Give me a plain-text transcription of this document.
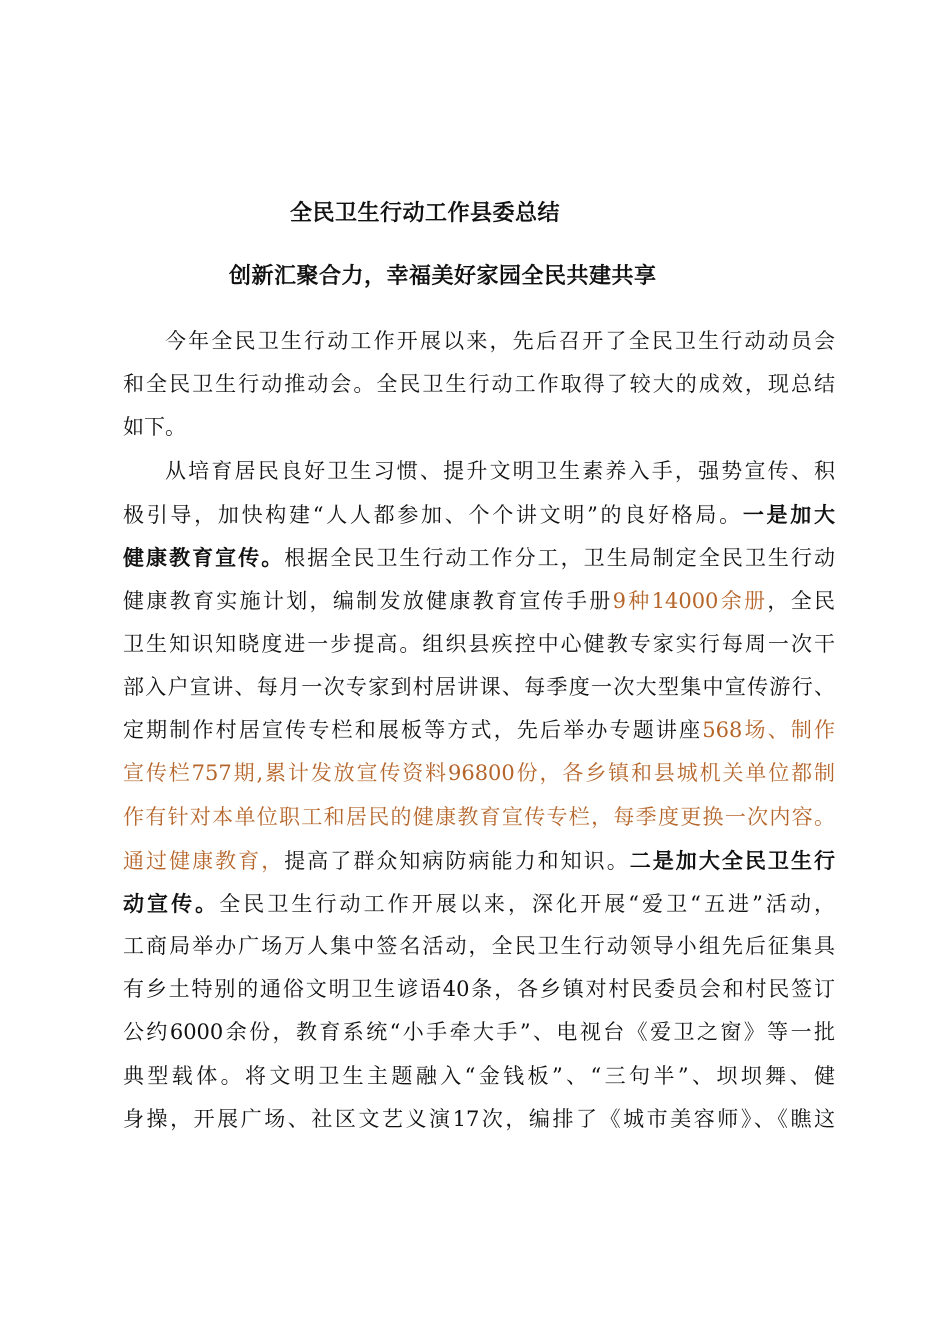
全民卫生行动工作县委总结
创新汇聚合力，幸福美好家园全民共建共享
今年全民卫生行动工作开展以来，先后召开了全民卫生行动动员会
和全民卫生行动推动会。全民卫生行动工作取得了较大的成效，现总结
如下。
从培育居民良好卫生习惯、提升文明卫生素养入手，强势宣传、积
极引导，加快构建“人人都参加、个个讲文明”的良好格局。一是加大
健康教育宣传。根据全民卫生行动工作分工，卫生局制定全民卫生行动
健康教育实施计划，编制发放健康教育宣传手册9种14000余册，全民
卫生知识知晓度进一步提高。组织县疾控中心健教专家实行每周一次干
部入户宣讲、每月一次专家到村居讲课、每季度一次大型集中宣传游行、
定期制作村居宣传专栏和展板等方式，先后举办专题讲座568场、制作
宣传栏757期,累计发放宣传资料96800份，各乡镇和县城机关单位都制
作有针对本单位职工和居民的健康教育宣传专栏，每季度更换一次内容。
通过健康教育，提高了群众知病防病能力和知识。二是加大全民卫生行
动宣传。全民卫生行动工作开展以来，深化开展“爱卫“五进”活动，
工商局举办广场万人集中签名活动，全民卫生行动领导小组先后征集具
有乡土特别的通俗文明卫生谚语40条，各乡镇对村民委员会和村民签订
公约6000余份，教育系统“小手牵大手”、电视台《爱卫之窗》等一批
典型载体。将文明卫生主题融入“金钱板”、“三句半”、坝坝舞、健
身操，开展广场、社区文艺义演17次，编排了《城市美容师》、《瞧这
